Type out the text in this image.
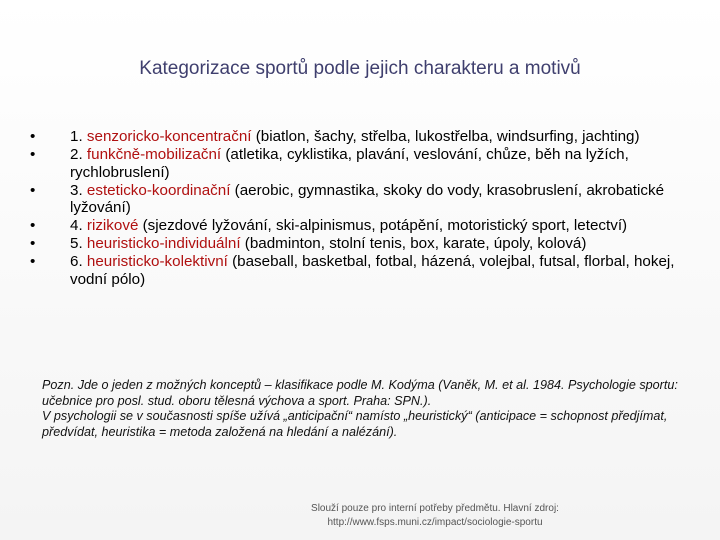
Kategorizace sportů podle jejich charakteru a motivů
•	1. senzoricko-koncentrační (biatlon, šachy, střelba, lukostřelba, windsurfing, jachting)
•	2. funkčně-mobilizační (atletika, cyklistika, plavání, veslování, chůze, běh na lyžích, rychlobruslení)
•	3. esteticko-koordinační (aerobic, gymnastika, skoky do vody, krasobruslení, akrobatické lyžování)
•	4. rizikové (sjezdové lyžování, ski-alpinismus, potápění, motoristický sport, letectví)
•	5. heuristicko-individuální (badminton, stolní tenis, box, karate, úpoly, kolová)
•	6. heuristicko-kolektivní (baseball, basketbal, fotbal, házená, volejbal, futsal, florbal, hokej, vodní pólo)

Pozn. Jde o jeden z možných konceptů – klasifikace podle M. Kodýma (Vaněk, M. et al. 1984. Psychologie sportu: učebnice pro posl. stud. oboru tělesná výchova a sport. Praha: SPN.).

V psychologii se v současnosti spíše užívá „anticipační“ namísto „heuristický“ (anticipace = schopnost předjímat, předvídat, heuristika = metoda založená na hledání a nalézání).

Slouží pouze pro interní potřeby předmětu. Hlavní zdroj:

http://www.fsps.muni.cz/impact/sociologie-sportu
